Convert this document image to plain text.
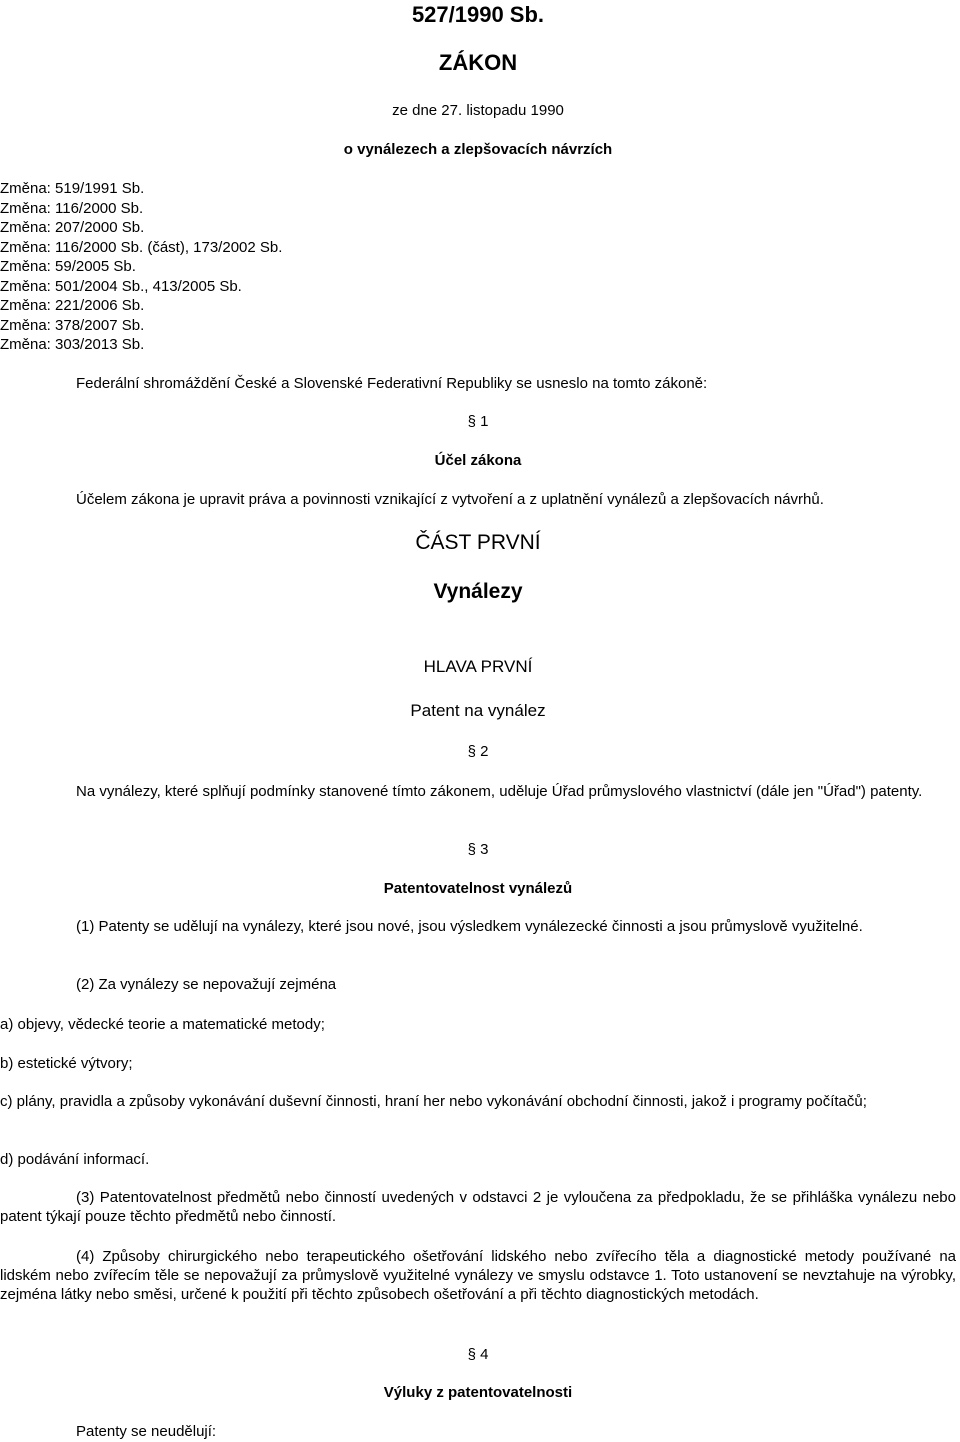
527/1990 Sb.
ZÁKON
ze dne 27. listopadu 1990
o vynálezech a zlepšovacích návrzích
Změna: 519/1991 Sb.
Změna: 116/2000 Sb.
Změna: 207/2000 Sb.
Změna: 116/2000 Sb. (část), 173/2002 Sb.
Změna: 59/2005 Sb.
Změna: 501/2004 Sb., 413/2005 Sb.
Změna: 221/2006 Sb.
Změna: 378/2007 Sb.
Změna: 303/2013 Sb.
Federální shromáždění České a Slovenské Federativní Republiky se usneslo na tomto zákoně:
§ 1
Účel zákona
Účelem zákona je upravit práva a povinnosti vznikající z vytvoření a z uplatnění vynálezů a zlepšovacích návrhů.
ČÁST PRVNÍ
Vynálezy
HLAVA PRVNÍ
Patent na vynález
§ 2
Na vynálezy, které splňují podmínky stanovené tímto zákonem, uděluje Úřad průmyslového vlastnictví (dále jen "Úřad") patenty.
§ 3
Patentovatelnost vynálezů
(1) Patenty se udělují na vynálezy, které jsou nové, jsou výsledkem vynálezecké činnosti a jsou průmyslově využitelné.
(2) Za vynálezy se nepovažují zejména
a) objevy, vědecké teorie a matematické metody;
b) estetické výtvory;
c) plány, pravidla a způsoby vykonávání duševní činnosti, hraní her nebo vykonávání obchodní činnosti, jakož i programy počítačů;
d) podávání informací.
(3) Patentovatelnost předmětů nebo činností uvedených v odstavci 2 je vyloučena za předpokladu, že se přihláška vynálezu nebo patent týkají pouze těchto předmětů nebo činností.
(4) Způsoby chirurgického nebo terapeutického ošetřování lidského nebo zvířecího těla a diagnostické metody používané na lidském nebo zvířecím těle se nepovažují za průmyslově využitelné vynálezy ve smyslu odstavce 1. Toto ustanovení se nevztahuje na výrobky, zejména látky nebo směsi, určené k použití při těchto způsobech ošetřování a při těchto diagnostických metodách.
§ 4
Výluky z patentovatelnosti
Patenty se neudělují:
